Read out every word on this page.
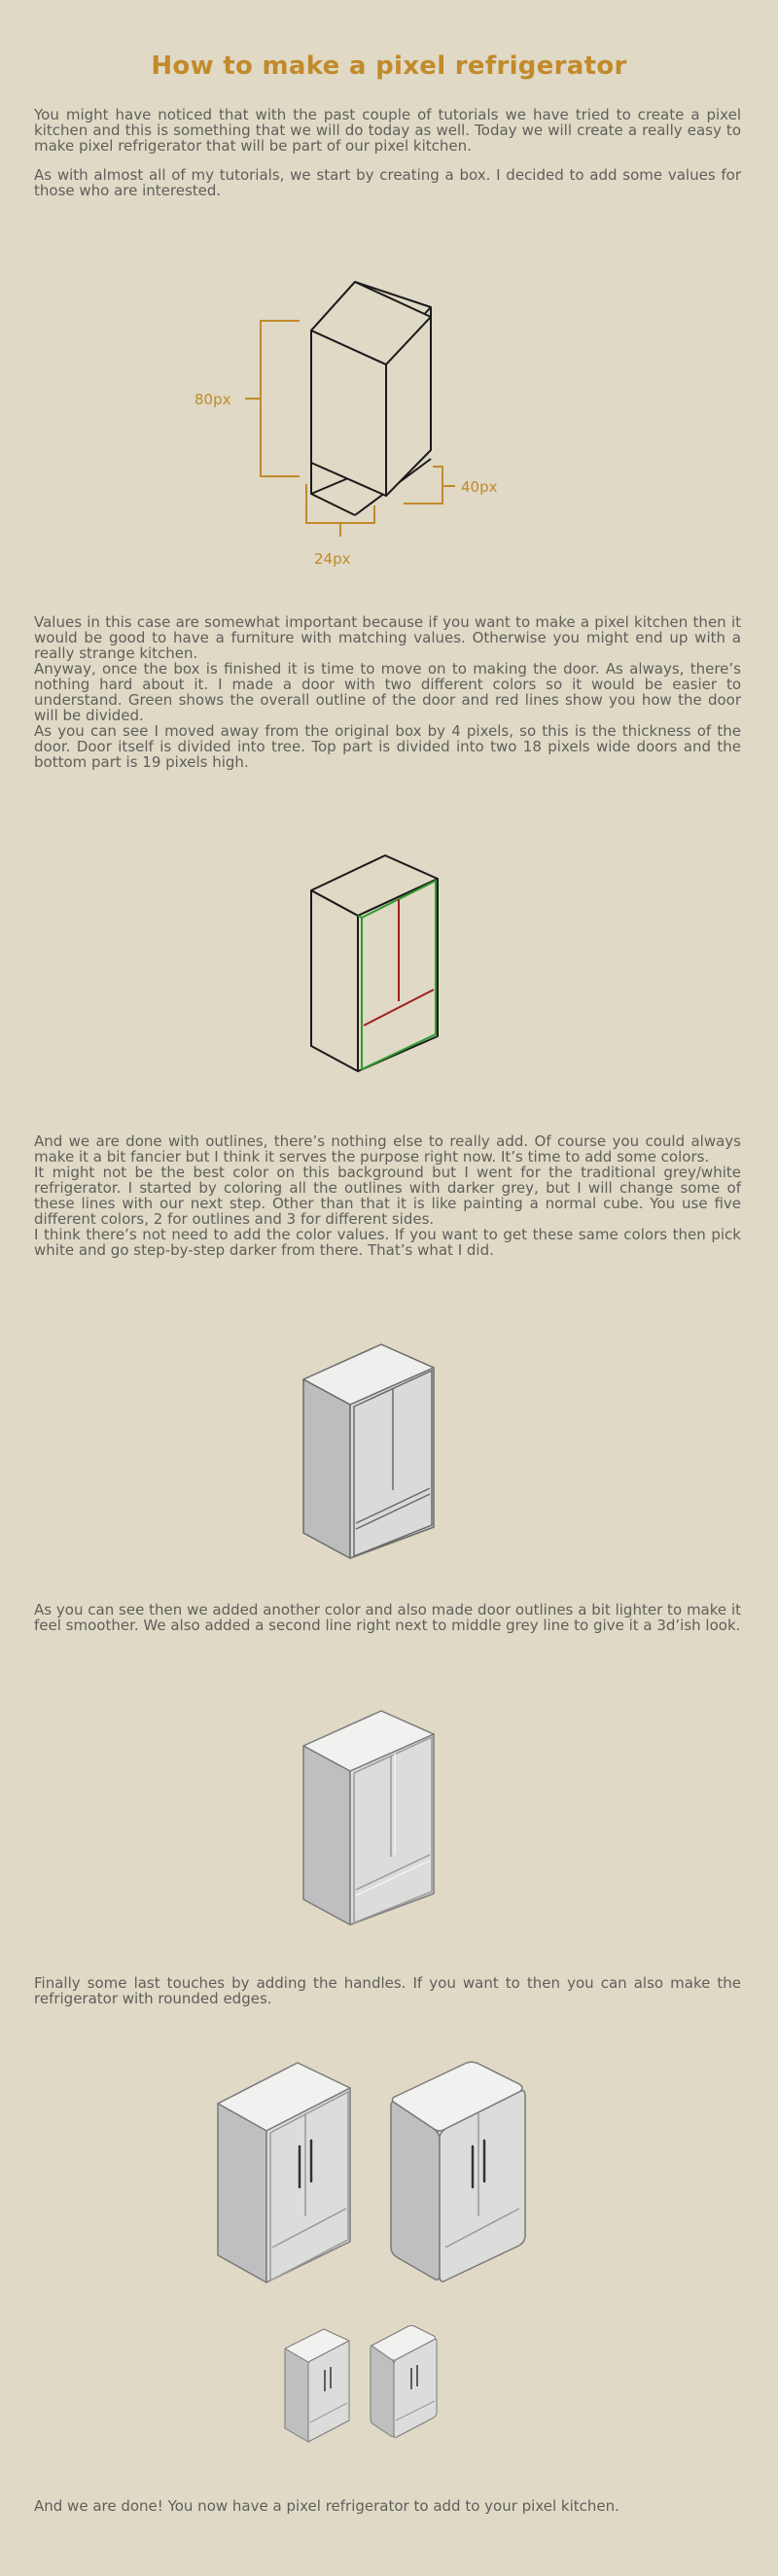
How to make a pixel refrigerator

You might have noticed that with the past couple of tutorials we have tried to create a pixel kitchen and this is something that we will do today as well. Today we will create a really easy to make pixel refrigerator that will be part of our pixel kitchen.

As with almost all of my tutorials, we start by creating a box. I decided to add some values for those who are interested.

80px
40px
24px

Values in this case are somewhat important because if you want to make a pixel kitchen then it would be good to have a furniture with matching values. Otherwise you might end up with a really strange kitchen.

Anyway, once the box is finished it is time to move on to making the door. As always, there’s nothing hard about it. I made a door with two different colors so it would be easier to understand. Green shows the overall outline of the door and red lines show you how the door will be divided.

As you can see I moved away from the original box by 4 pixels, so this is the thickness of the door. Door itself is divided into tree. Top part is divided into two 18 pixels wide doors and the bottom part is 19 pixels high.

And we are done with outlines, there’s nothing else to really add. Of course you could always make it a bit fancier but I think it serves the purpose right now. It’s time to add some colors.

It might not be the best color on this background but I went for the traditional grey/white refrigerator. I started by coloring all the outlines with darker grey, but I will change some of these lines with our next step. Other than that it is like painting a normal cube. You use five different colors, 2 for outlines and 3 for different sides.

I think there’s not need to add the color values. If you want to get these same colors then pick white and go step-by-step darker from there. That’s what I did.

As you can see then we added another color and also made door outlines a bit lighter to make it feel smoother. We also added a second line right next to middle grey line to give it a 3d’ish look.

Finally some last touches by adding the handles. If you want to then you can also make the refrigerator with rounded edges.

And we are done! You now have a pixel refrigerator to add to your pixel kitchen.
